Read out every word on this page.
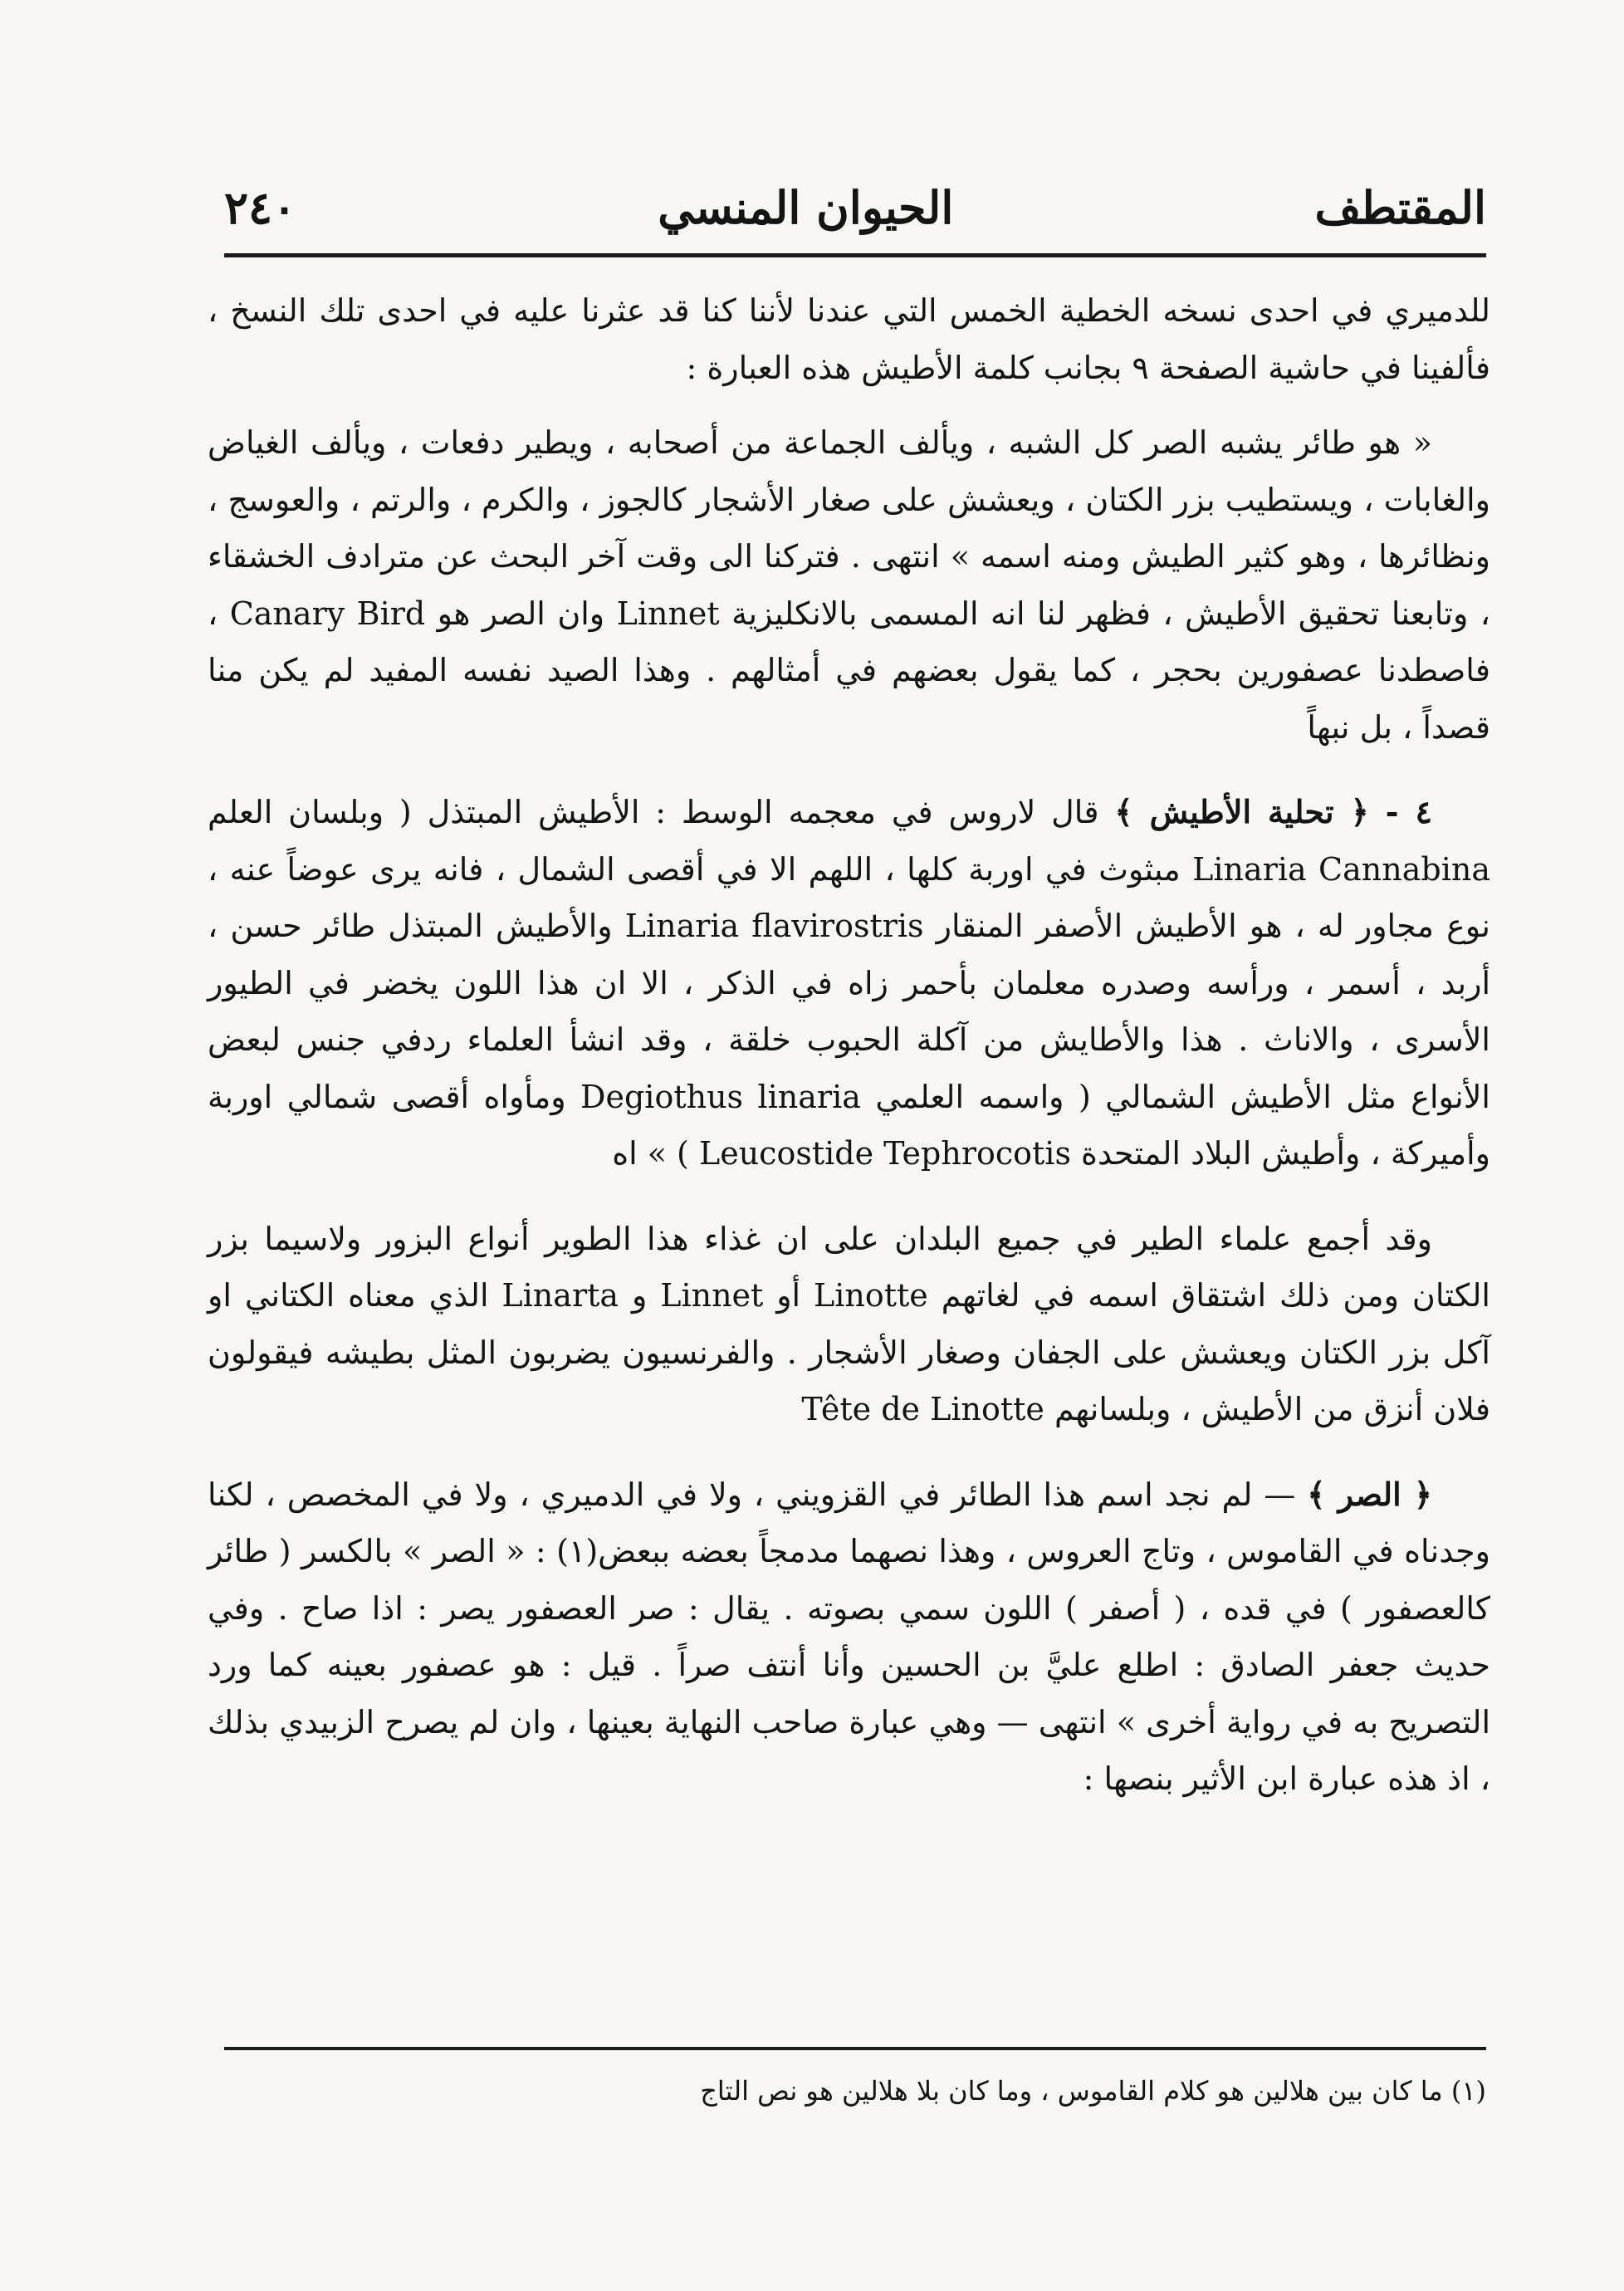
٢٤٠	الحيوان المنسي	المقتطف

للدميري في احدى نسخه الخطية الخمس التي عندنا لأننا كنا قد عثرنا عليه في احدى تلك النسخ ، فألفينا في حاشية الصفحة ٩ بجانب كلمة الأطيش هذه العبارة :

« هو طائر يشبه الصر كل الشبه ، ويألف الجماعة من أصحابه ، ويطير دفعات ، ويألف الغياض والغابات ، ويستطيب بزر الكتان ، ويعشش على صغار الأشجار كالجوز ، والكرم ، والرتم ، والعوسج ، ونظائرها ، وهو كثير الطيش ومنه اسمه » انتهى . فتركنا الى وقت آخر البحث عن مترادف الخشقاء ، وتابعنا تحقيق الأطيش ، فظهر لنا انه المسمى بالانكليزية Linnet وان الصر هو Canary Bird ، فاصطدنا عصفورين بحجر ، كما يقول بعضهم في أمثالهم . وهذا الصيد نفسه المفيد لم يكن منا قصداً ، بل نبهاً

٤ - ﴿ تحلية الأطيش ﴾ قال لاروس في معجمه الوسط : الأطيش المبتذل ( وبلسان العلم Linaria Cannabina مبثوث في اوربة كلها ، اللهم الا في أقصى الشمال ، فانه يرى عوضاً عنه ، نوع مجاور له ، هو الأطيش الأصفر المنقار Linaria flavirostris والأطيش المبتذل طائر حسن ، أربد ، أسمر ، ورأسه وصدره معلمان بأحمر زاه في الذكر ، الا ان هذا اللون يخضر في الطيور الأسرى ، والاناث . هذا والأطايش من آكلة الحبوب خلقة ، وقد انشأ العلماء ردفي جنس لبعض الأنواع مثل الأطيش الشمالي ( واسمه العلمي Degiothus linaria ومأواه أقصى شمالي اوربة وأميركة ، وأطيش البلاد المتحدة Leucostide Tephrocotis ) » اه

وقد أجمع علماء الطير في جميع البلدان على ان غذاء هذا الطوير أنواع البزور ولاسيما بزر الكتان ومن ذلك اشتقاق اسمه في لغاتهم Linotte أو Linnet و Linarta الذي معناه الكتاني او آكل بزر الكتان ويعشش على الجفان وصغار الأشجار . والفرنسيون يضربون المثل بطيشه فيقولون فلان أنزق من الأطيش ، وبلسانهم Tête de Linotte

﴿ الصر ﴾ — لم نجد اسم هذا الطائر في القزويني ، ولا في الدميري ، ولا في المخصص ، لكنا وجدناه في القاموس ، وتاج العروس ، وهذا نصهما مدمجاً بعضه ببعض(١) : « الصر » بالكسر ( طائر كالعصفور ) في قده ، ( أصفر ) اللون سمي بصوته . يقال : صر العصفور يصر : اذا صاح . وفي حديث جعفر الصادق : اطلع عليَّ بن الحسين وأنا أنتف صراً . قيل : هو عصفور بعينه كما ورد التصريح به في رواية أخرى » انتهى — وهي عبارة صاحب النهاية بعينها ، وان لم يصرح الزبيدي بذلك ، اذ هذه عبارة ابن الأثير بنصها :

(١) ما كان بين هلالين هو كلام القاموس ، وما كان بلا هلالين هو نص التاج
